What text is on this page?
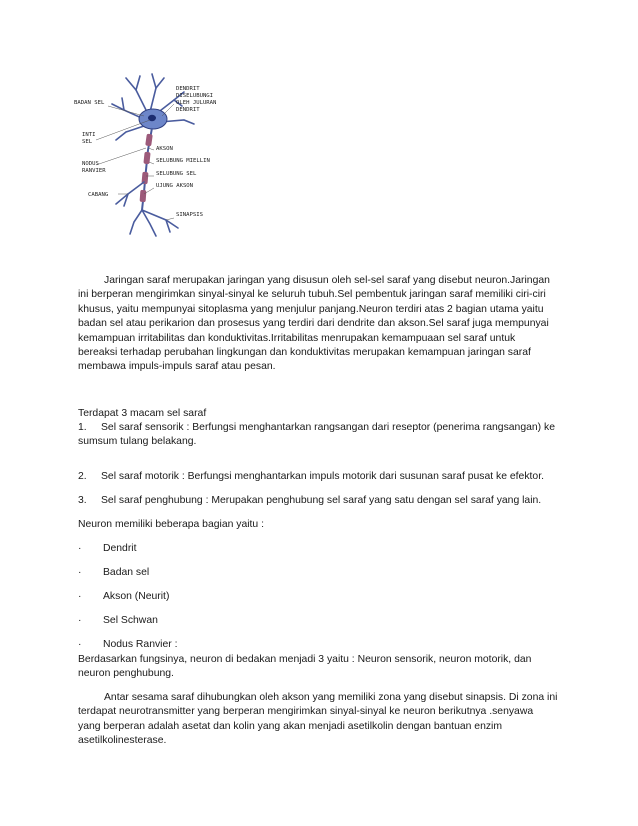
BADAN SEL
DENDRIT
DISELUBUNGI
OLEH JULURAN
DENDRIT
INTI
SEL
AKSON
NODUS
RANVIER
SELUBUNG MIELLIN
SELUBUNG SEL
UJUNG AKSON
CABANG
SINAPSIS

Jaringan saraf merupakan jaringan yang disusun oleh sel-sel saraf yang disebut neuron.Jaringan

ini berperan mengirimkan sinyal-sinyal ke seluruh tubuh.Sel pembentuk jaringan saraf memiliki ciri-ciri

khusus, yaitu mempunyai sitoplasma yang menjulur panjang.Neuron terdiri atas 2 bagian utama yaitu

badan sel atau perikarion dan prosesus yang terdiri dari dendrite dan akson.Sel saraf juga mempunyai

kemampuan irritabilitas dan konduktivitas.Irritabilitas menrupakan kemampuaan sel saraf untuk

bereaksi terhadap perubahan lingkungan dan konduktivitas merupakan kemampuan jaringan saraf

membawa impuls-impuls saraf atau pesan.

Terdapat 3 macam sel saraf

1. Sel saraf sensorik : Berfungsi menghantarkan rangsangan dari reseptor (penerima rangsangan) ke

sumsum tulang belakang.

2. Sel saraf motorik : Berfungsi menghantarkan impuls motorik dari susunan saraf pusat ke efektor.

3. Sel saraf penghubung : Merupakan penghubung sel saraf yang satu dengan sel saraf yang lain.

Neuron memiliki beberapa bagian yaitu :

· Dendrit

· Badan sel

· Akson (Neurit)

· Sel Schwan

· Nodus Ranvier :

Berdasarkan fungsinya, neuron di bedakan menjadi 3 yaitu : Neuron sensorik, neuron motorik, dan

neuron penghubung.

Antar sesama saraf dihubungkan oleh akson yang memiliki zona yang disebut sinapsis. Di zona ini

terdapat neurotransmitter yang berperan mengirimkan sinyal-sinyal ke neuron berikutnya .senyawa

yang berperan adalah asetat dan kolin yang akan menjadi asetilkolin dengan bantuan enzim

asetilkolinesterase.
